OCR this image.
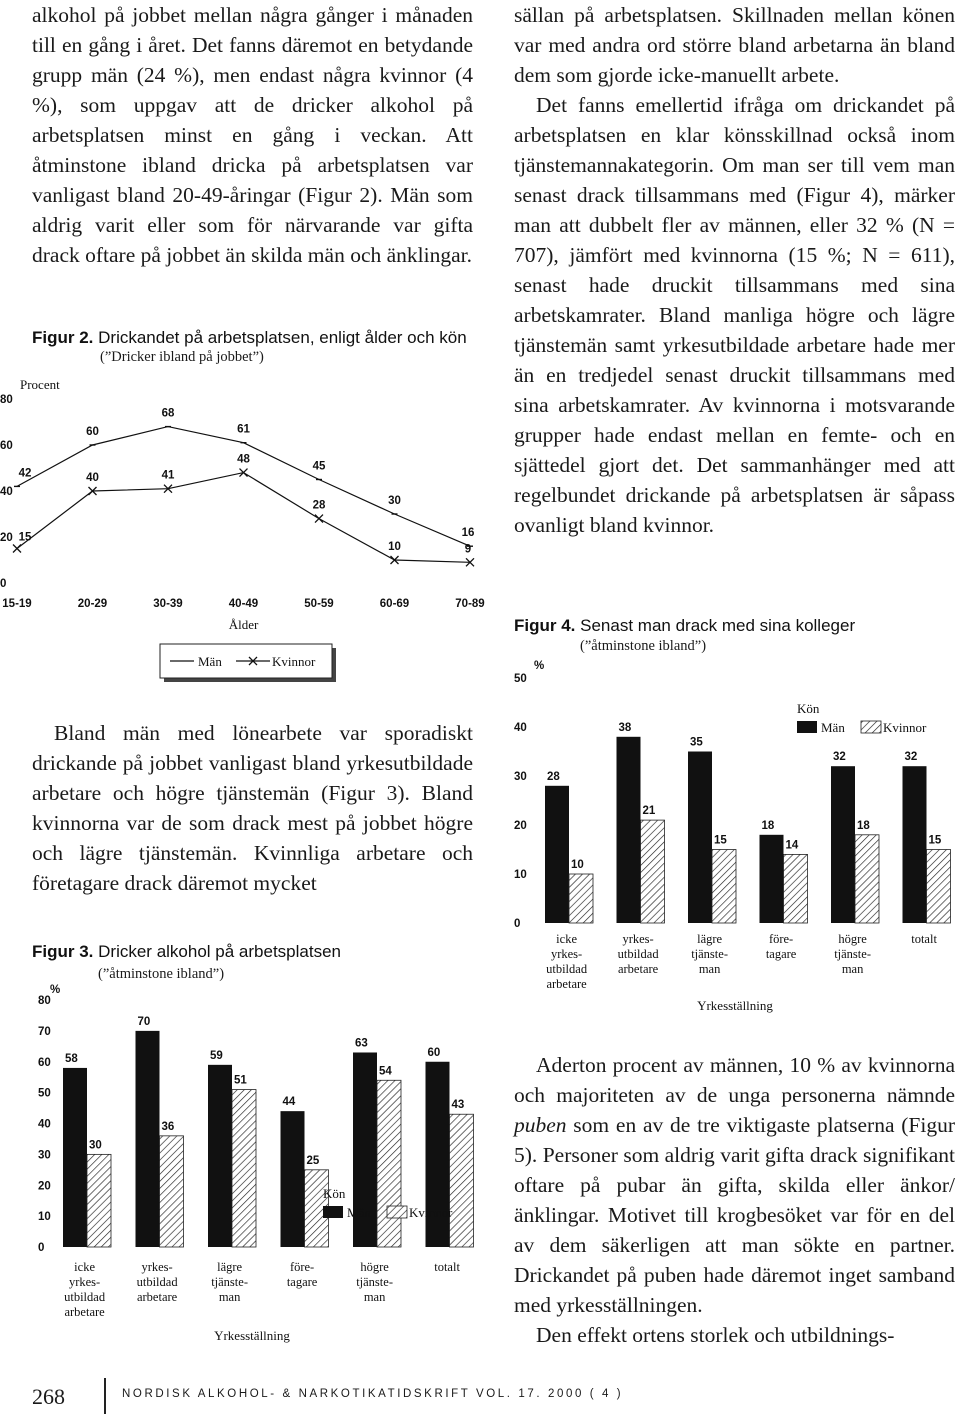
alkohol på jobbet mellan några gånger i månaden till en gång i året. Det fanns däremot en betydande grupp män (24 %), men endast några kvinnor (4 %), som uppgav att de dricker alkohol på arbetsplatsen minst en gång i veckan. Att åtminstone ibland dricka på arbetsplatsen var vanligast bland 20-49-åringar (Figur 2). Män som aldrig varit eller som för närvarande var gifta drack oftare på jobbet än skilda män och änklingar.

Figur 2. Drickandet på arbetsplatsen, enligt ålder och kön
(”Dricker ibland på jobbet”)
Procent
0
20
40
60
80
15-19	20-29	30-39	40-49	50-59	60-69	70-89
Ålder
42
60
68
61
45
30
16
15
40	41
48
28
10	9
Män	Kvinnor

Bland män med lönearbete var sporadiskt drickande på jobbet vanligast bland yrkesutbildade arbetare och högre tjänstemän (Figur 3). Bland kvinnorna var de som drack mest på jobbet högre och lägre tjänstemän. Kvinnliga arbetare och företagare drack däremot mycket

Figur 3. Dricker alkohol på arbetsplatsen
(”åtminstone ibland”)
%
0
10
20
30
40
50
60
70
80
58
30
icke
yrkes-
utbildad
arbetare
70
36
yrkes-
utbildad
arbetare
59
51
lägre
tjänste-
man
44
25
före-
tagare
63
54
högre
tjänste-
man
60
43
totalt
Yrkesställning
Kön
Män	Kvinnor

sällan på arbetsplatsen. Skillnaden mellan könen var med andra ord större bland arbetarna än bland dem som gjorde icke-manuellt arbete.

Det fanns emellertid ifråga om drickandet på arbetsplatsen en klar könsskillnad också inom tjänstemannakategorin. Om man ser till vem man senast drack tillsammans med (Figur 4), märker man att dubbelt fler av männen, eller 32 % (N = 707), jämfört med kvinnorna (15 %; N = 611), senast hade druckit tillsammans med sina arbetskamrater. Bland manliga högre och lägre tjänstemän samt yrkesutbildade arbetare hade mer än en tredjedel senast druckit tillsammans med sina arbetskamrater. Av kvinnorna i motsvarande grupper hade endast mellan en femte- och en sjättedel gjort det. Det sammanhänger med att regelbundet drickande på arbetsplatsen är såpass ovanligt bland kvinnor.

Figur 4. Senast man drack med sina kolleger
(”åtminstone ibland”)
%
0
10
20
30
40
50
28
10
icke
yrkes-
utbildad
arbetare
38
21
yrkes-
utbildad
arbetare
35
15
lägre
tjänste-
man
18
14
före-
tagare
32
18
högre
tjänste-
man
32
15
totalt
Yrkesställning
Kön
Män	Kvinnor

Aderton procent av männen, 10 % av kvinnorna och majoriteten av de unga personerna nämnde puben som en av de tre viktigaste platserna (Figur 5). Personer som aldrig varit gifta drack signifikant oftare på pubar än gifta, skilda eller änkor/änklingar. Motivet till krogbesöket var för en del av dem säkerligen att man sökte en partner. Drickandet på puben hade däremot inget samband med yrkesställningen.

Den effekt ortens storlek och utbildnings-

268	NORDISK ALKOHOL- & NARKOTIKATIDSKRIFT VOL. 17. 2000 ( 4 )
